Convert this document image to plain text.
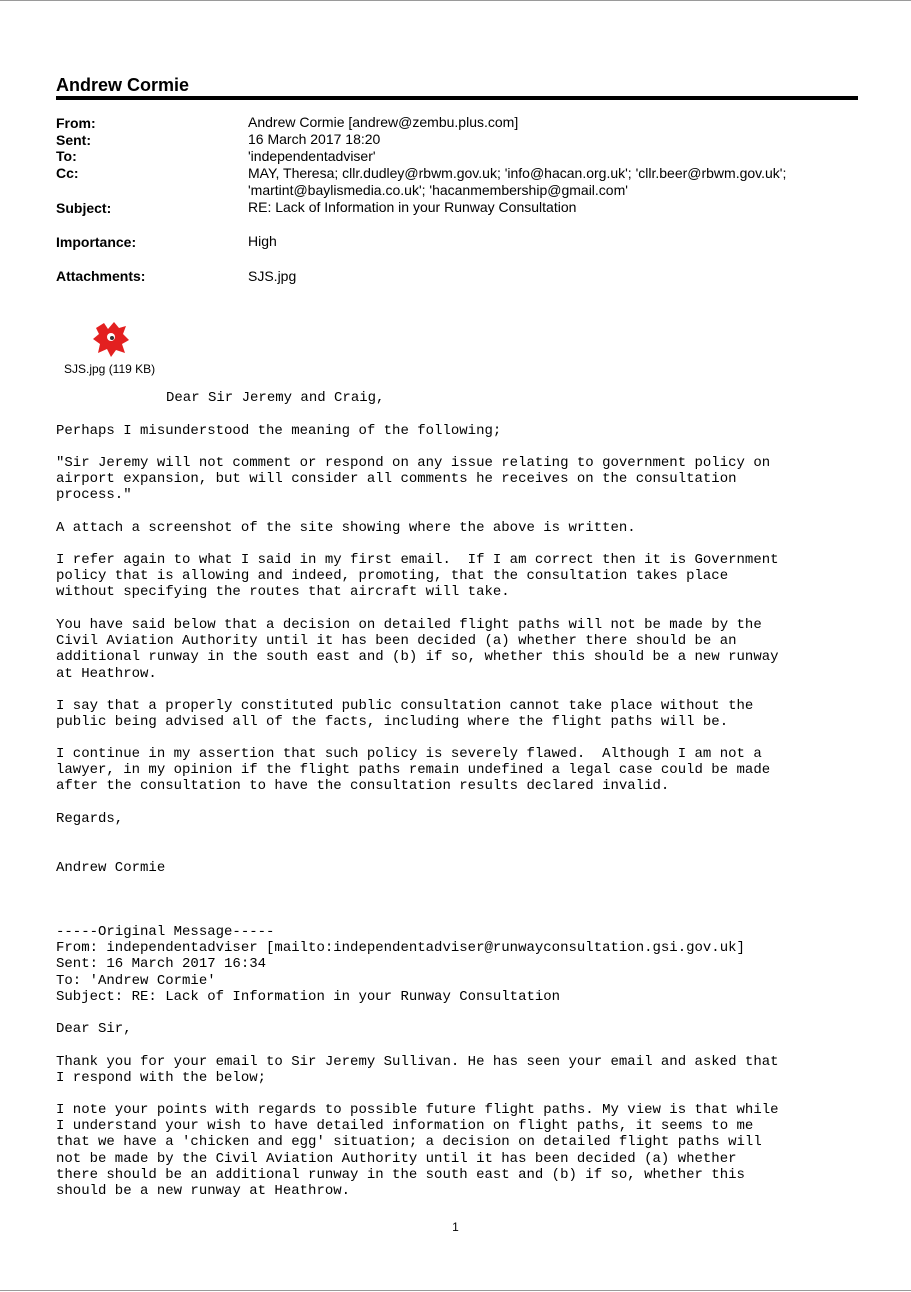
Andrew Cormie
From:	Andrew Cormie [andrew@zembu.plus.com]
Sent:	16 March 2017 18:20
To:	'independentadviser'
Cc:	MAY, Theresa; cllr.dudley@rbwm.gov.uk; 'info@hacan.org.uk'; 'cllr.beer@rbwm.gov.uk'; 'martint@baylismedia.co.uk'; 'hacanmembership@gmail.com'
Subject:	RE: Lack of Information in your Runway Consultation
Importance:	High
Attachments:	SJS.jpg
SJS.jpg (119 KB)
Dear Sir Jeremy and Craig,
Perhaps I misunderstood the meaning of the following;
"Sir Jeremy will not comment or respond on any issue relating to government policy on
airport expansion, but will consider all comments he receives on the consultation
process."
A attach a screenshot of the site showing where the above is written.
I refer again to what I said in my first email.  If I am correct then it is Government
policy that is allowing and indeed, promoting, that the consultation takes place
without specifying the routes that aircraft will take.
You have said below that a decision on detailed flight paths will not be made by the
Civil Aviation Authority until it has been decided (a) whether there should be an
additional runway in the south east and (b) if so, whether this should be a new runway
at Heathrow.
I say that a properly constituted public consultation cannot take place without the
public being advised all of the facts, including where the flight paths will be.
I continue in my assertion that such policy is severely flawed.  Although I am not a
lawyer, in my opinion if the flight paths remain undefined a legal case could be made
after the consultation to have the consultation results declared invalid.
Regards,
Andrew Cormie
-----Original Message-----
From: independentadviser [mailto:independentadviser@runwayconsultation.gsi.gov.uk]
Sent: 16 March 2017 16:34
To: 'Andrew Cormie'
Subject: RE: Lack of Information in your Runway Consultation
Dear Sir,
Thank you for your email to Sir Jeremy Sullivan. He has seen your email and asked that
I respond with the below;
I note your points with regards to possible future flight paths. My view is that while
I understand your wish to have detailed information on flight paths, it seems to me
that we have a 'chicken and egg' situation; a decision on detailed flight paths will
not be made by the Civil Aviation Authority until it has been decided (a) whether
there should be an additional runway in the south east and (b) if so, whether this
should be a new runway at Heathrow.
1
